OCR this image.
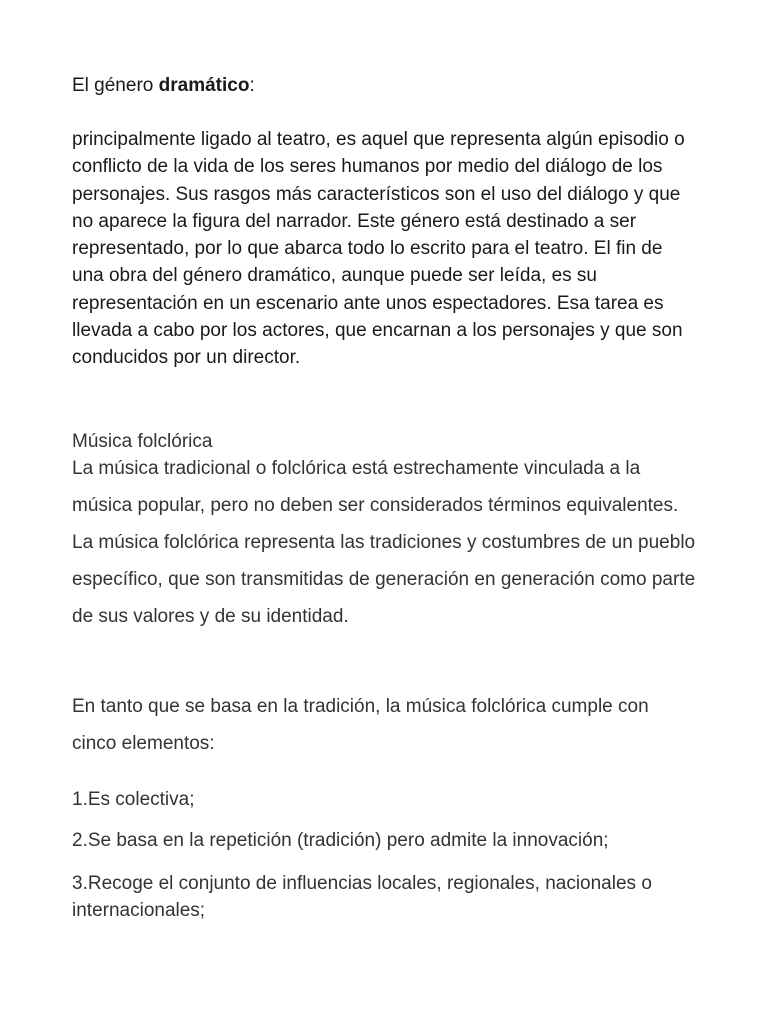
El género dramático:

principalmente ligado al teatro, es aquel que representa algún episodio o conflicto de la vida de los seres humanos por medio del diálogo de los personajes. Sus rasgos más característicos son el uso del diálogo y que no aparece la figura del narrador. Este género está destinado a ser representado, por lo que abarca todo lo escrito para el teatro. El fin de una obra del género dramático, aunque puede ser leída, es su representación en un escenario ante unos espectadores. Esa tarea es llevada a cabo por los actores, que encarnan a los personajes y que son conducidos por un director.

Música folclórica

La música tradicional o folclórica está estrechamente vinculada a la música popular, pero no deben ser considerados términos equivalentes. La música folclórica representa las tradiciones y costumbres de un pueblo específico, que son transmitidas de generación en generación como parte de sus valores y de su identidad.

En tanto que se basa en la tradición, la música folclórica cumple con cinco elementos:

1.Es colectiva;

2.Se basa en la repetición (tradición) pero admite la innovación;

3.Recoge el conjunto de influencias locales, regionales, nacionales o internacionales;
